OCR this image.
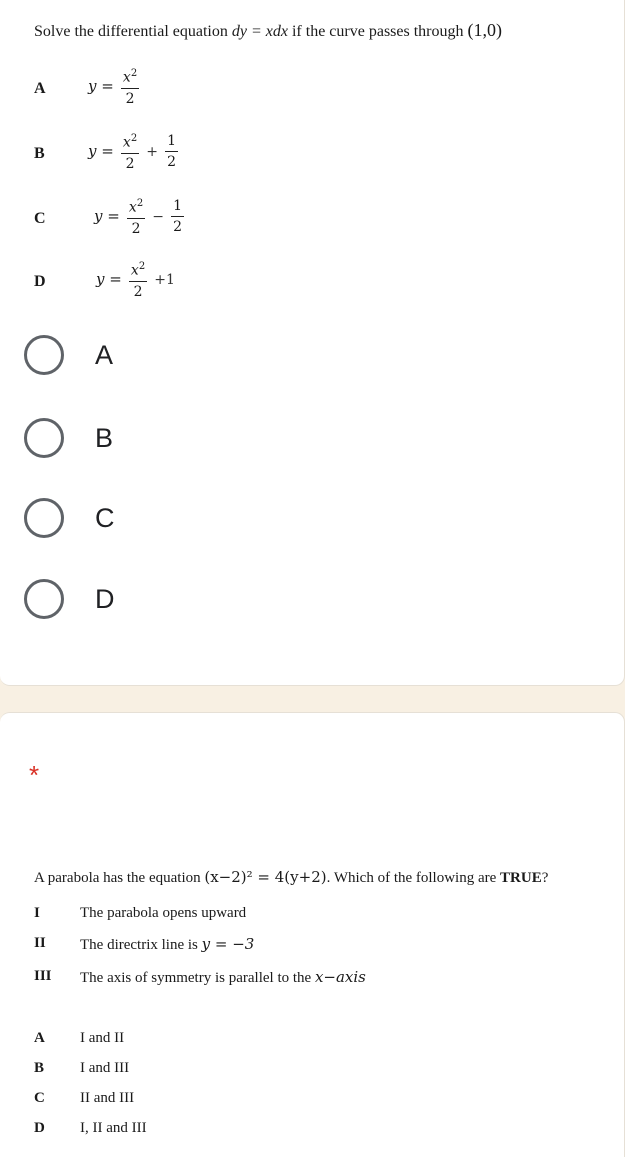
Solve the differential equation dy = xdx if the curve passes through (1,0)
A	$y = \frac{x^2}{2}$
B	$y = \frac{x^2}{2} + \frac{1}{2}$
C	$y = \frac{x^2}{2} - \frac{1}{2}$
D	$y = \frac{x^2}{2} +1$
A
B
C
D
*
A parabola has the equation (x−2)² = 4(y+2). Which of the following are TRUE?
I	The parabola opens upward
II The directrix line is y = −3
III The axis of symmetry is parallel to the x−axis
A I and II
B I and III
C II and III
D I, II and III
